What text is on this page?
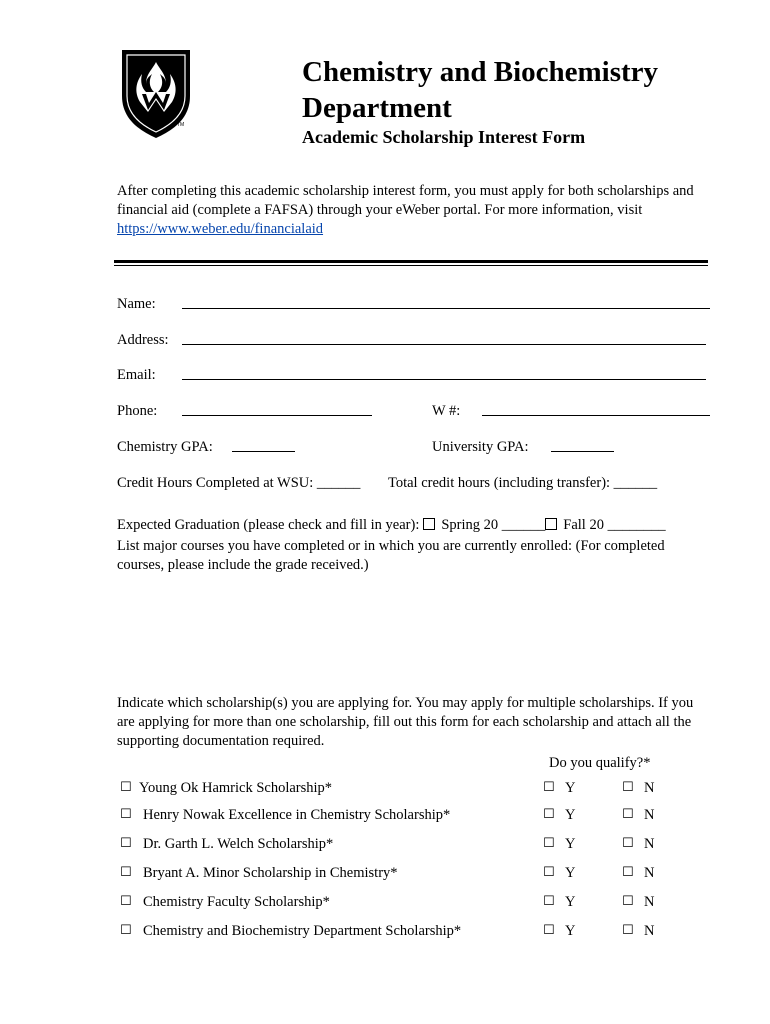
TM
Chemistry and Biochemistry
Department
Academic Scholarship Interest Form
After completing this academic scholarship interest form, you must apply for both scholarships and financial aid (complete a FAFSA) through your eWeber portal. For more information, visit https://www.weber.edu/financialaid
Name:
Address:
Email:
Phone:	W #:
Chemistry GPA:	University GPA:
Credit Hours Completed at WSU: ______ Total credit hours (including transfer): ______
Expected Graduation (please check and fill in year): Spring 20 ______ Fall 20 ________
List major courses you have completed or in which you are currently enrolled: (For completed courses, please include the grade received.)
Indicate which scholarship(s) you are applying for. You may apply for multiple scholarships. If you are applying for more than one scholarship, fill out this form for each scholarship and attach all the supporting documentation required.
Do you qualify?*
☐ Young Ok Hamrick Scholarship*	☐ Y	☐ N
☐ Henry Nowak Excellence in Chemistry Scholarship*	☐ Y	☐ N
☐ Dr. Garth L. Welch Scholarship*	☐ Y	☐ N
☐ Bryant A. Minor Scholarship in Chemistry*	☐ Y	☐ N
☐ Chemistry Faculty Scholarship*	☐ Y	☐ N
☐ Chemistry and Biochemistry Department Scholarship*	☐ Y	☐ N
